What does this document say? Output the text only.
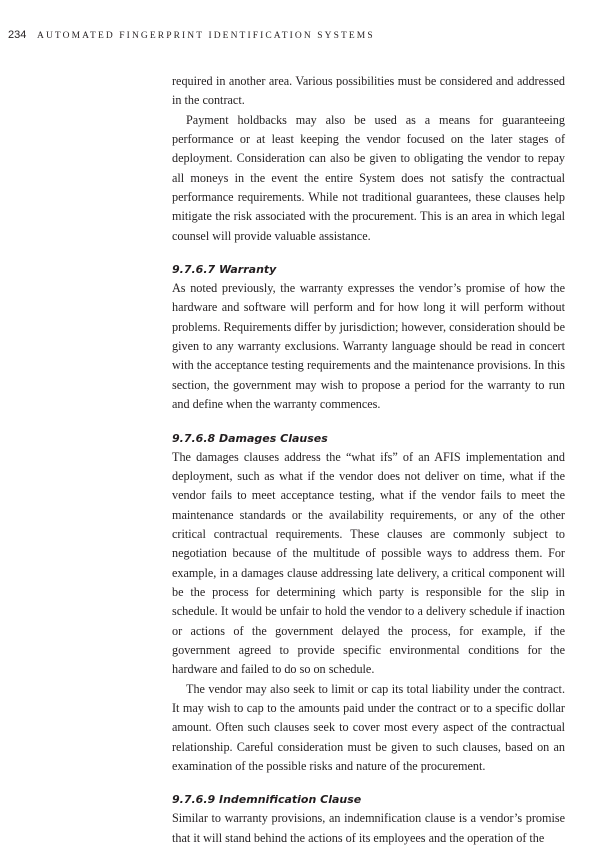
234 AUTOMATED FINGERPRINT IDENTIFICATION SYSTEMS

required in another area. Various possibilities must be considered and addressed in the contract.

Payment holdbacks may also be used as a means for guaranteeing performance or at least keeping the vendor focused on the later stages of deployment. Consideration can also be given to obligating the vendor to repay all moneys in the event the entire System does not satisfy the contractual performance requirements. While not traditional guarantees, these clauses help mitigate the risk associated with the procurement. This is an area in which legal counsel will provide valuable assistance.

9.7.6.7 Warranty

As noted previously, the warranty expresses the vendor’s promise of how the hardware and software will perform and for how long it will perform without problems. Requirements differ by jurisdiction; however, consideration should be given to any warranty exclusions. Warranty language should be read in concert with the acceptance testing requirements and the maintenance provisions. In this section, the government may wish to propose a period for the warranty to run and define when the warranty commences.

9.7.6.8 Damages Clauses

The damages clauses address the “what ifs” of an AFIS implementation and deployment, such as what if the vendor does not deliver on time, what if the vendor fails to meet acceptance testing, what if the vendor fails to meet the maintenance standards or the availability requirements, or any of the other critical contractual requirements. These clauses are commonly subject to negotiation because of the multitude of possible ways to address them. For example, in a damages clause addressing late delivery, a critical component will be the process for determining which party is responsible for the slip in schedule. It would be unfair to hold the vendor to a delivery schedule if inaction or actions of the government delayed the process, for example, if the government agreed to provide specific environmental conditions for the hardware and failed to do so on schedule.

The vendor may also seek to limit or cap its total liability under the contract. It may wish to cap to the amounts paid under the contract or to a specific dollar amount. Often such clauses seek to cover most every aspect of the contractual relationship. Careful consideration must be given to such clauses, based on an examination of the possible risks and nature of the procurement.

9.7.6.9 Indemnification Clause

Similar to warranty provisions, an indemnification clause is a vendor’s promise that it will stand behind the actions of its employees and the operation of the
